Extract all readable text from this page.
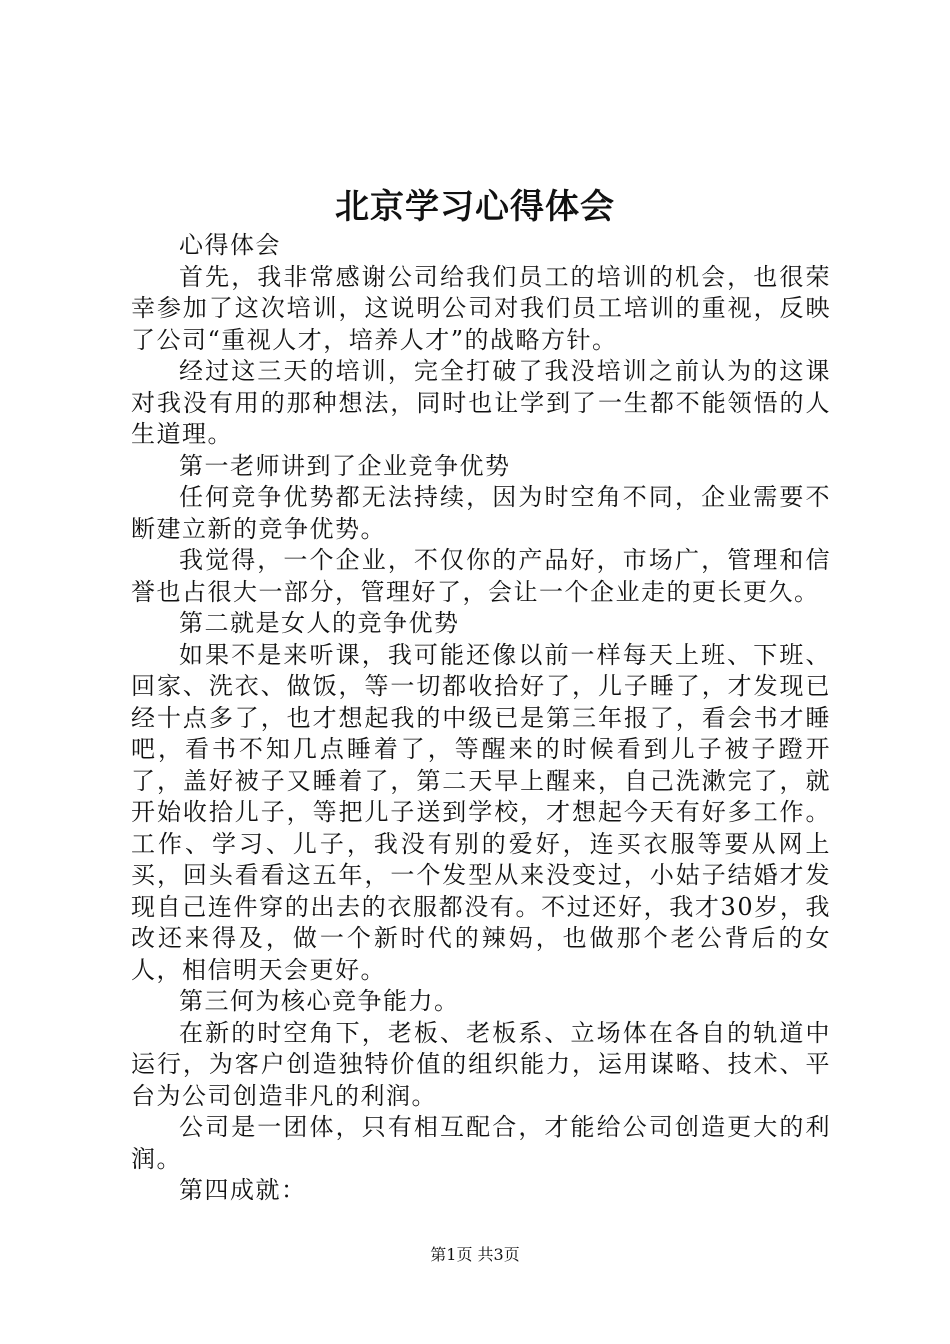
北京学习心得体会

心得体会

首先，我非常感谢公司给我们员工的培训的机会，也很荣幸参加了这次培训，这说明公司对我们员工培训的重视，反映了公司“重视人才，培养人才”的战略方针。

经过这三天的培训，完全打破了我没培训之前认为的这课对我没有用的那种想法，同时也让学到了一生都不能领悟的人生道理。

第一老师讲到了企业竞争优势

任何竞争优势都无法持续，因为时空角不同，企业需要不断建立新的竞争优势。

我觉得，一个企业，不仅你的产品好，市场广，管理和信誉也占很大一部分，管理好了，会让一个企业走的更长更久。

第二就是女人的竞争优势

如果不是来听课，我可能还像以前一样每天上班、下班、回家、洗衣、做饭，等一切都收拾好了，儿子睡了，才发现已经十点多了，也才想起我的中级已是第三年报了，看会书才睡吧，看书不知几点睡着了，等醒来的时候看到儿子被子蹬开了，盖好被子又睡着了，第二天早上醒来，自己洗漱完了，就开始收拾儿子，等把儿子送到学校，才想起今天有好多工作。工作、学习、儿子，我没有别的爱好，连买衣服等要从网上买，回头看看这五年，一个发型从来没变过，小姑子结婚才发现自己连件穿的出去的衣服都没有。不过还好，我才30岁，我改还来得及，做一个新时代的辣妈，也做那个老公背后的女人，相信明天会更好。

第三何为核心竞争能力。

在新的时空角下，老板、老板系、立场体在各自的轨道中运行，为客户创造独特价值的组织能力，运用谋略、技术、平台为公司创造非凡的利润。

公司是一团体，只有相互配合，才能给公司创造更大的利润。

第四成就：

第1页 共3页
